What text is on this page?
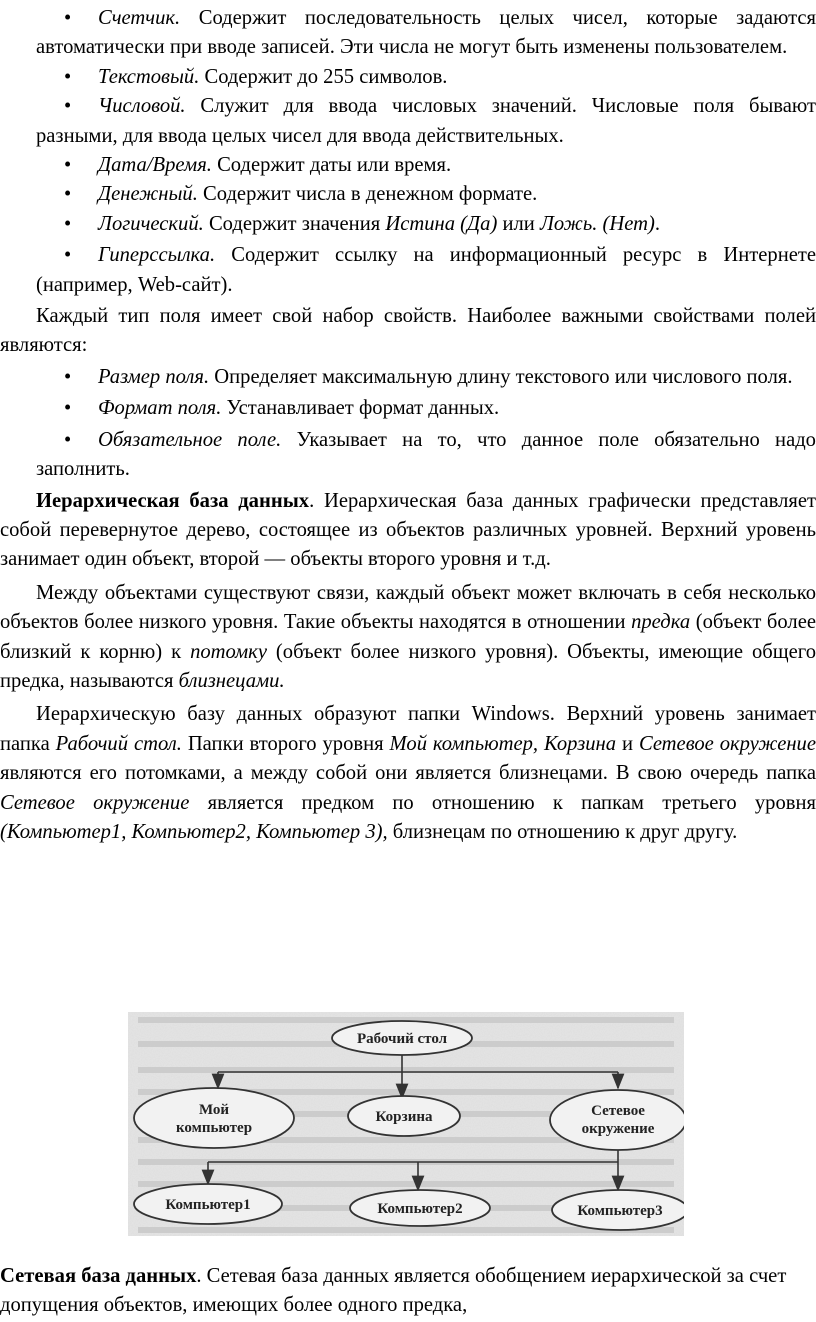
• Счетчик. Содержит последовательность целых чисел, которые задаются автоматически при вводе записей. Эти числа не могут быть изменены пользователем.

• Текстовый. Содержит до 255 символов.

• Числовой. Служит для ввода числовых значений. Числовые поля бывают разными, для ввода целых чисел для ввода действительных.

• Дата/Время. Содержит даты или время.

• Денежный. Содержит числа в денежном формате.

• Логический. Содержит значения Истина (Да) или Ложь. (Нет).

• Гиперссылка. Содержит ссылку на информационный ресурс в Интернете (например, Web-сайт).

Каждый тип поля имеет свой набор свойств. Наиболее важными свойствами полей являются:

• Размер поля. Определяет максимальную длину текстового или числового поля.

• Формат поля. Устанавливает формат данных.

• Обязательное поле. Указывает на то, что данное поле обязательно надо заполнить.

Иерархическая база данных. Иерархическая база данных графически представляет собой перевернутое дерево, состоящее из объектов различных уровней. Верхний уровень занимает один объект, второй — объекты второго уровня и т.д.

Между объектами существуют связи, каждый объект может включать в себя несколько объектов более низкого уровня. Такие объекты находятся в отношении предка (объект более близкий к корню) к потомку (объект более низкого уровня). Объекты, имеющие общего предка, называются близнецами.

Иерархическую базу данных образуют папки Windows. Верхний уровень занимает папка Рабочий стол. Папки второго уровня Мой компьютер, Корзина и Сетевое окружение являются его потомками, а между собой они является близнецами. В свою очередь папка Сетевое окружение является предком по отношению к папкам третьего уровня (Компьютер1, Компьютер2, Компьютер 3), близнецам по отношению к друг другу.

Рабочий стол
Мой
компьютер
Корзина	Сетевое
окружение
Компьютер1	Компьютер2	Компьютер3

Сетевая база данных. Сетевая база данных является обобщением иерархической за счет допущения объектов, имеющих более одного предка,
